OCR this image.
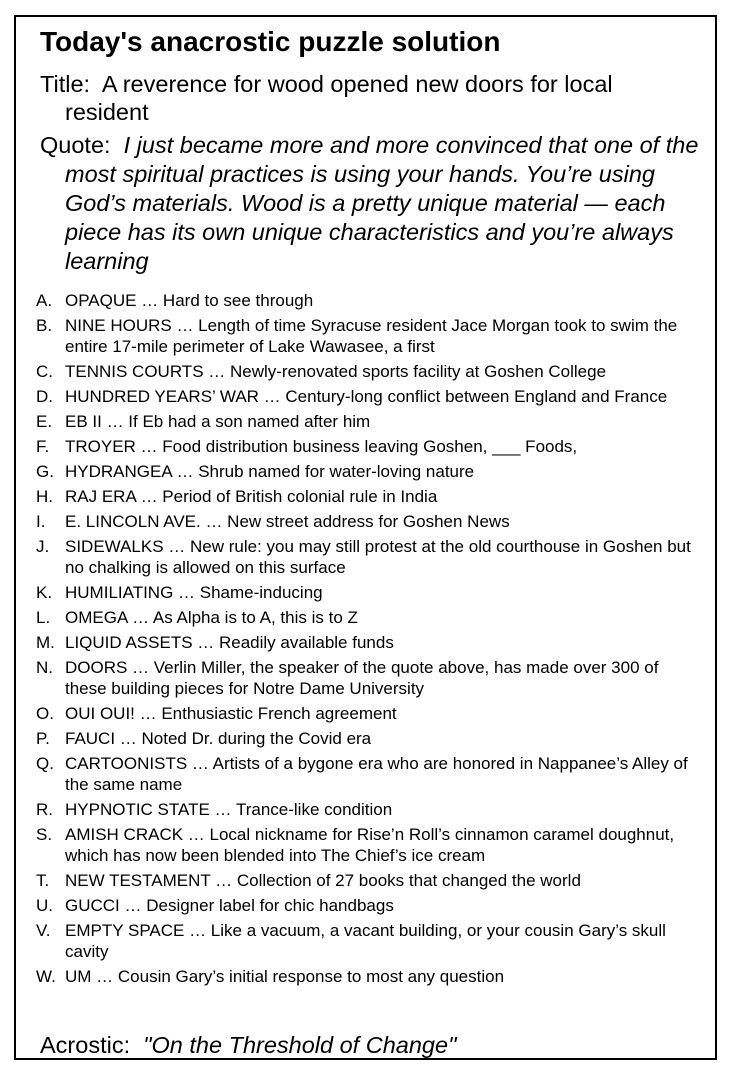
Today's anacrostic puzzle solution
Title: A reverence for wood opened new doors for local resident
Quote: I just became more and more convinced that one of the most spiritual practices is using your hands. You’re using God’s materials. Wood is a pretty unique material — each piece has its own unique characteristics and you’re always learning
A. OPAQUE … Hard to see through
B. NINE HOURS … Length of time Syracuse resident Jace Morgan took to swim the entire 17-mile perimeter of Lake Wawasee, a first
C. TENNIS COURTS … Newly-renovated sports facility at Goshen College
D. HUNDRED YEARS’ WAR … Century-long conflict between England and France
E. EB II … If Eb had a son named after him
F. TROYER … Food distribution business leaving Goshen, ___ Foods,
G. HYDRANGEA … Shrub named for water-loving nature
H. RAJ ERA … Period of British colonial rule in India
I.	E. LINCOLN AVE. … New street address for Goshen News
J. SIDEWALKS … New rule: you may still protest at the old courthouse in Goshen but no chalking is allowed on this surface
K. HUMILIATING … Shame-inducing
L. OMEGA … As Alpha is to A, this is to Z
M. LIQUID ASSETS … Readily available funds
N. DOORS … Verlin Miller, the speaker of the quote above, has made over 300 of these building pieces for Notre Dame University
O. OUI OUI! … Enthusiastic French agreement
P. FAUCI … Noted Dr. during the Covid era
Q. CARTOONISTS … Artists of a bygone era who are honored in Nappanee’s Alley of the same name
R. HYPNOTIC STATE … Trance-like condition
S. AMISH CRACK … Local nickname for Rise’n Roll’s cinnamon caramel doughnut, which has now been blended into The Chief’s ice cream
T. NEW TESTAMENT … Collection of 27 books that changed the world
U. GUCCI … Designer label for chic handbags
V. EMPTY SPACE … Like a vacuum, a vacant building, or your cousin Gary’s skull cavity
W. UM … Cousin Gary’s initial response to most any question
Acrostic: "On the Threshold of Change"
